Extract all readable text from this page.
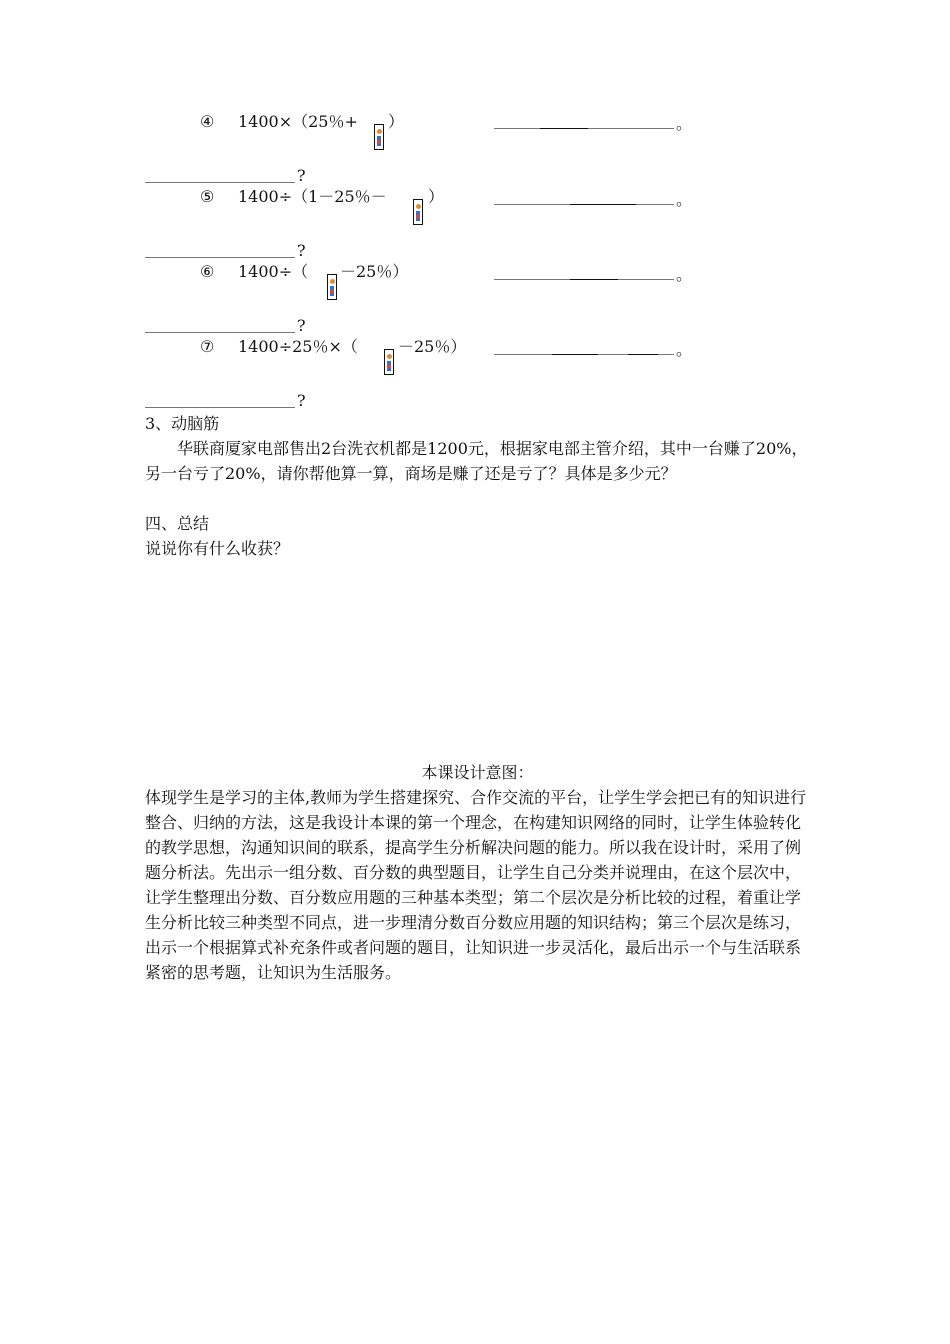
④ 1400×（25％+ ）	。
?
⑤ 1400÷（1－25％－	）	。
?
⑥ 1400÷（ －25％）	。
?
⑦ 1400÷25％×（	－25％）	。
?
3、动脑筋
华联商厦家电部售出2台洗衣机都是1200元，根据家电部主管介绍，其中一台赚了20%，另一台亏了20%，请你帮他算一算，商场是赚了还是亏了？具体是多少元？
四、总结
说说你有什么收获？
本课设计意图：
体现学生是学习的主体,教师为学生搭建探究、合作交流的平台，让学生学会把已有的知识进行整合、归纳的方法，这是我设计本课的第一个理念，在构建知识网络的同时，让学生体验转化的教学思想，沟通知识间的联系，提高学生分析解决问题的能力。所以我在设计时，采用了例题分析法。先出示一组分数、百分数的典型题目，让学生自己分类并说理由，在这个层次中，让学生整理出分数、百分数应用题的三种基本类型；第二个层次是分析比较的过程，着重让学生分析比较三种类型不同点，进一步理清分数百分数应用题的知识结构；第三个层次是练习，出示一个根据算式补充条件或者问题的题目，让知识进一步灵活化，最后出示一个与生活联系紧密的思考题，让知识为生活服务。
